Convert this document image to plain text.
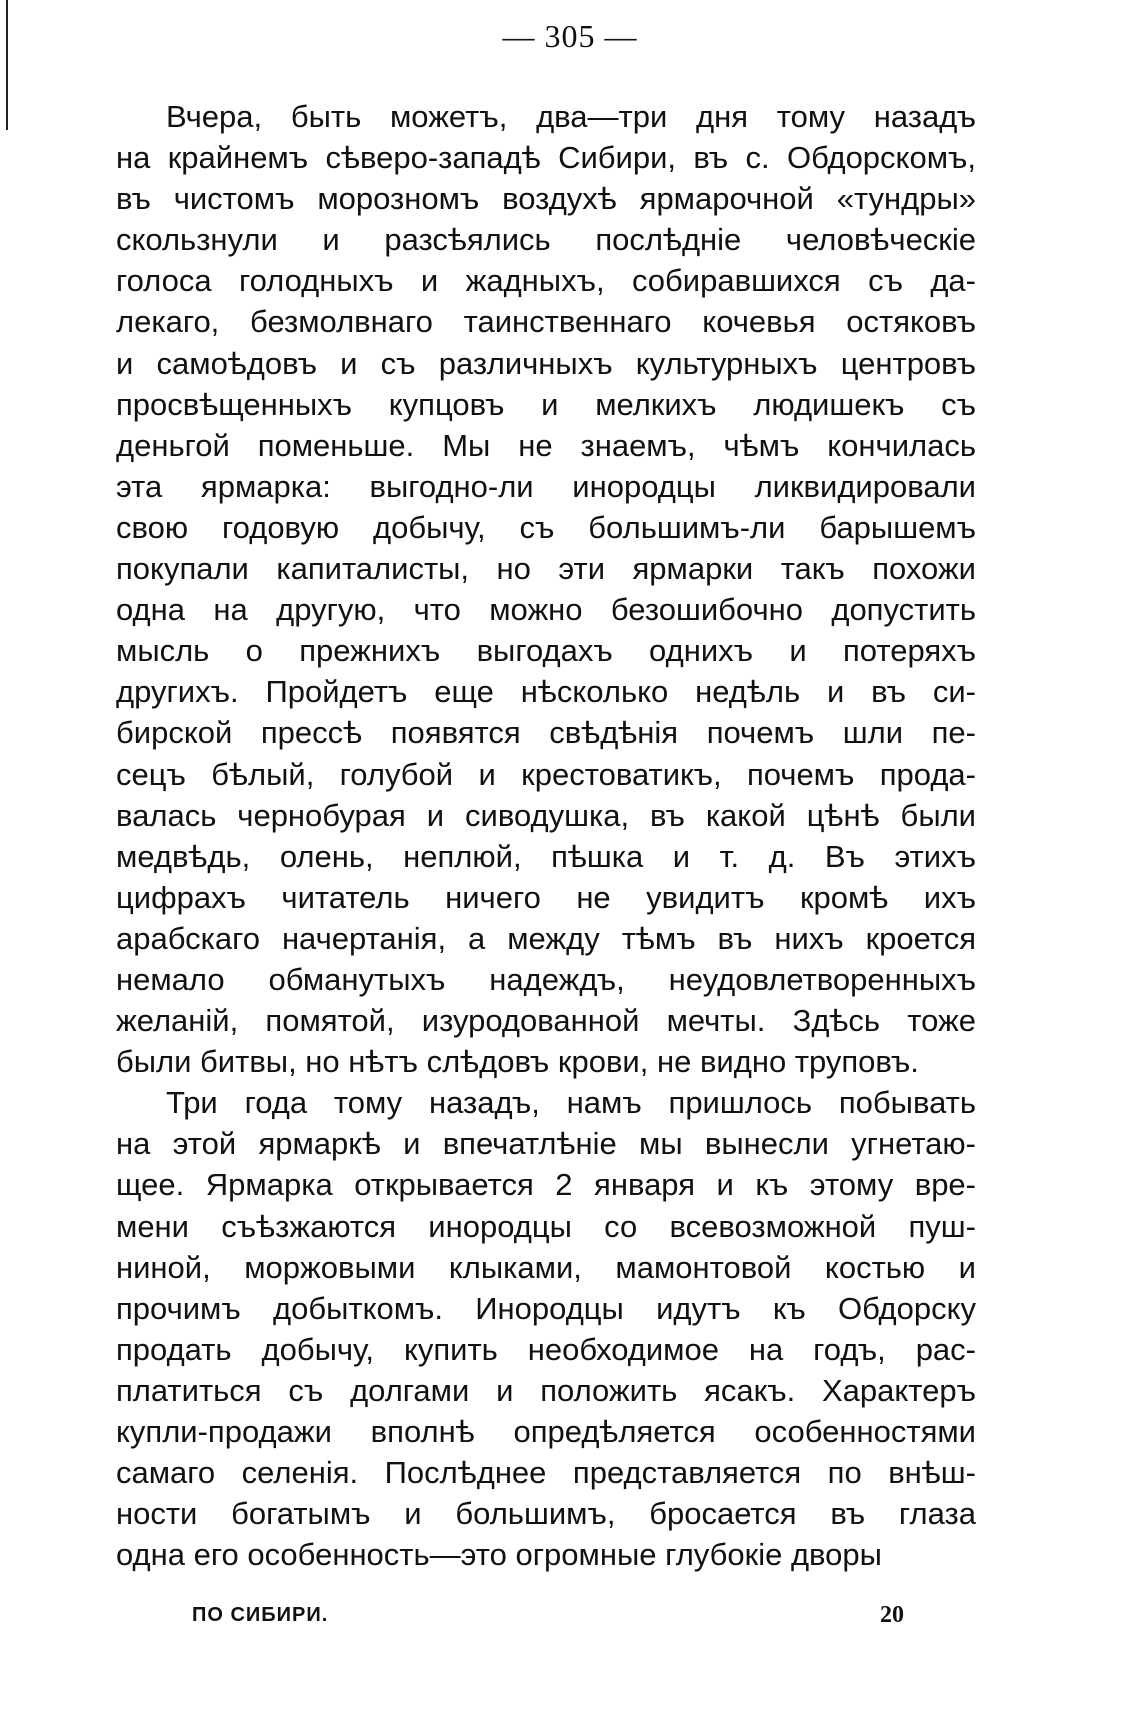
— 305 —

Вчера, быть можетъ, два—три дня тому назадъ
на крайнемъ сѣверо-западѣ Сибири, въ с. Обдорскомъ,
въ чистомъ морозномъ воздухѣ ярмарочной «тундры»
скользнули и разсѣялись послѣдніе человѣческіе
голоса голодныхъ и жадныхъ, собиравшихся съ да-
лекаго, безмолвнаго таинственнаго кочевья остяковъ
и самоѣдовъ и съ различныхъ культурныхъ центровъ
просвѣщенныхъ купцовъ и мелкихъ людишекъ съ
деньгой поменьше. Мы не знаемъ, чѣмъ кончилась
эта ярмарка: выгодно-ли инородцы ликвидировали
свою годовую добычу, съ большимъ-ли барышемъ
покупали капиталисты, но эти ярмарки такъ похожи
одна на другую, что можно безошибочно допустить
мысль о прежнихъ выгодахъ однихъ и потеряхъ
другихъ. Пройдетъ еще нѣсколько недѣль и въ си-
бирской прессѣ появятся свѣдѣнія почемъ шли пе-
сецъ бѣлый, голубой и крестоватикъ, почемъ прода-
валась чернобурая и сиводушка, въ какой цѣнѣ были
медвѣдь, олень, неплюй, пѣшка и т. д. Въ этихъ
цифрахъ читатель ничего не увидитъ кромѣ ихъ
арабскаго начертанія, а между тѣмъ въ нихъ кроется
немало обманутыхъ надеждъ, неудовлетворенныхъ
желаній, помятой, изуродованной мечты. Здѣсь тоже
были битвы, но нѣтъ слѣдовъ крови, не видно труповъ.

Три года тому назадъ, намъ пришлось побывать
на этой ярмаркѣ и впечатлѣніе мы вынесли угнетаю-
щее. Ярмарка открывается 2 января и къ этому вре-
мени съѣзжаются инородцы со всевозможной пуш-
ниной, моржовыми клыками, мамонтовой костью и
прочимъ добыткомъ. Инородцы идутъ къ Обдорску
продать добычу, купить необходимое на годъ, рас-
платиться съ долгами и положить ясакъ. Характеръ
купли-продажи вполнѣ опредѣляется особенностями
самаго селенія. Послѣднее представляется по внѣш-
ности богатымъ и большимъ, бросается въ глаза
одна его особенность—это огромные глубокіе дворы

ПО СИБИРИ.	20
